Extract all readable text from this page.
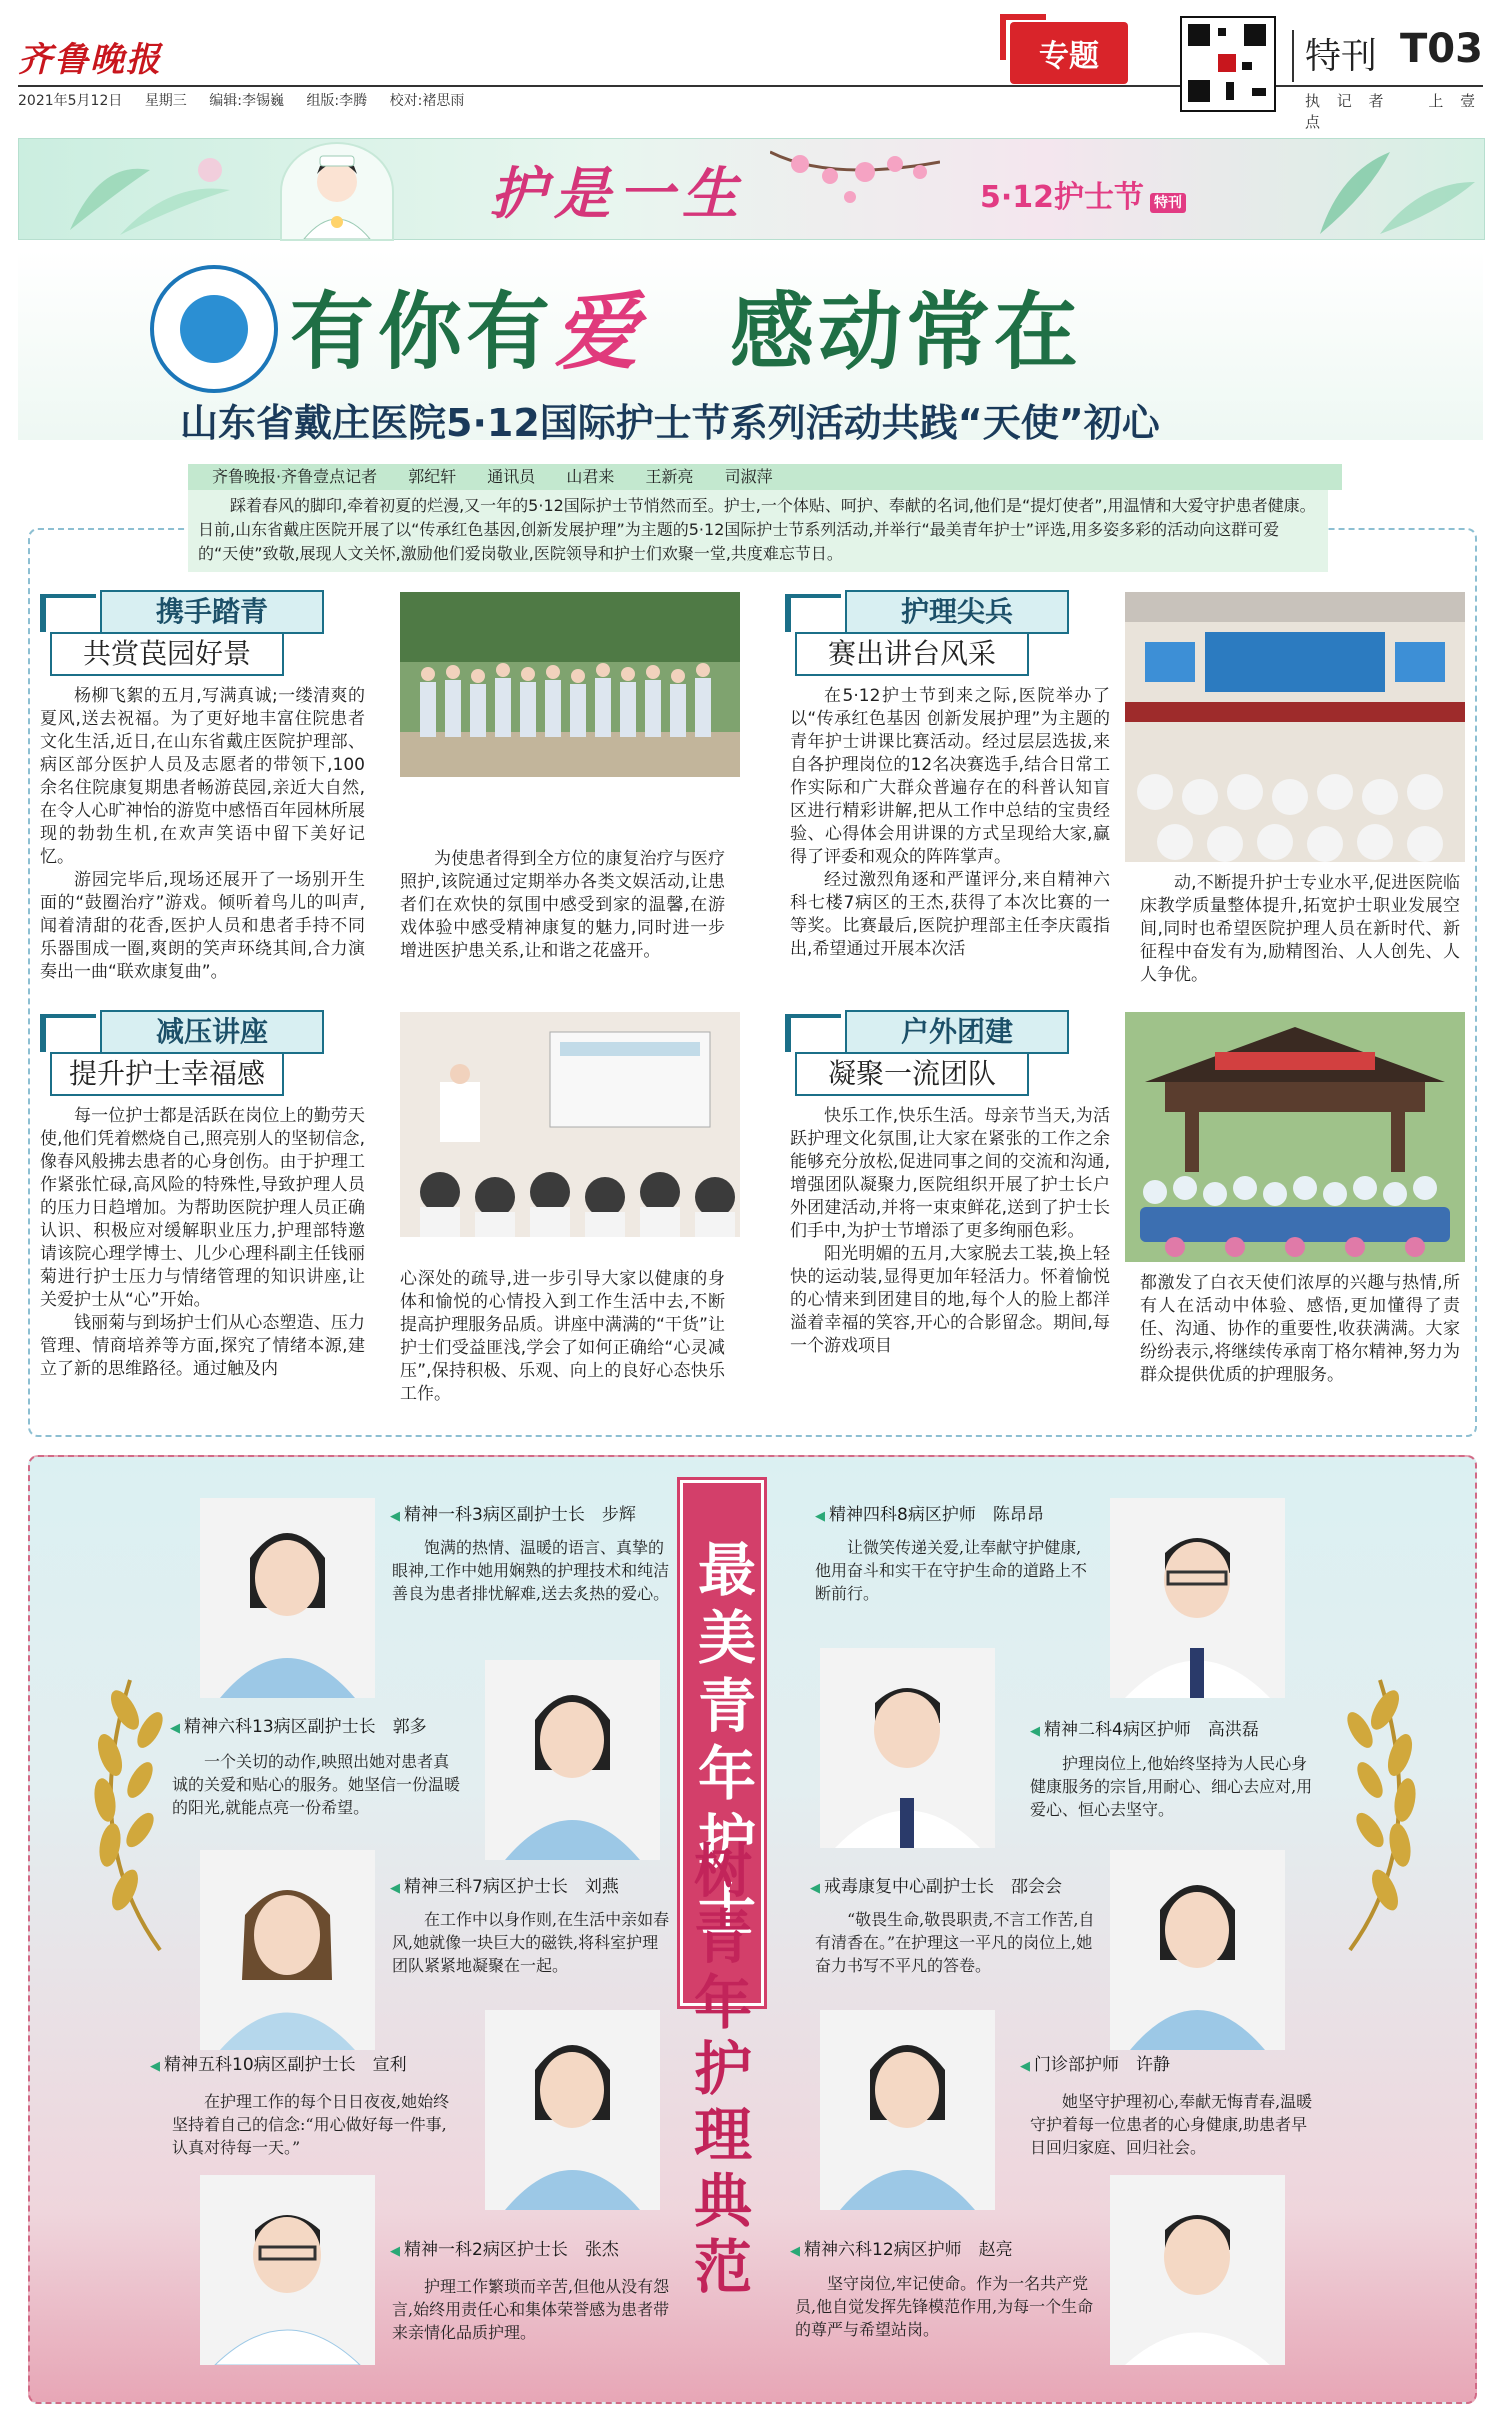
齐鲁晚报
2021年5月12日 星期三 编辑:李锡巍 组版:李腾 校对:褚思雨
专题	特刊 T03
执 记 者	上 壹 点
护是一生	5·12护士节 特刊
有你有爱　 感动常在
山东省戴庄医院5·12国际护士节系列活动共践“天使”初心
齐鲁晚报·齐鲁壹点记者 郭纪轩 通讯员 山君来 王新亮 司淑萍
踩着春风的脚印,牵着初夏的烂漫,又一年的5·12国际护士节悄然而至。护士,一个体贴、呵护、奉献的名词,他们是“提灯使者”,用温情和大爱守护患者健康。日前,山东省戴庄医院开展了以“传承红色基因,创新发展护理”为主题的5·12国际护士节系列活动,并举行“最美青年护士”评选,用多姿多彩的活动向这群可爱的“天使”致敬,展现人文关怀,激励他们爱岗敬业,医院领导和护士们欢聚一堂,共度难忘节日。
携手踏青
共赏苠园好景

杨柳飞絮的五月,写满真诚;一缕清爽的夏风,送去祝福。为了更好地丰富住院患者文化生活,近日,在山东省戴庄医院护理部、病区部分医护人员及志愿者的带领下,100余名住院康复期患者畅游苠园,亲近大自然,在令人心旷神怡的游览中感悟百年园林所展现的勃勃生机,在欢声笑语中留下美好记忆。

游园完毕后,现场还展开了一场别开生面的“鼓圈治疗”游戏。倾听着鸟儿的叫声,闻着清甜的花香,医护人员和患者手持不同乐器围成一圈,爽朗的笑声环绕其间,合力演奏出一曲“联欢康复曲”。

为使患者得到全方位的康复治疗与医疗照护,该院通过定期举办各类文娱活动,让患者们在欢快的氛围中感受到家的温馨,在游戏体验中感受精神康复的魅力,同时进一步增进医护患关系,让和谐之花盛开。

护理尖兵
赛出讲台风采

在5·12护士节到来之际,医院举办了以“传承红色基因 创新发展护理”为主题的青年护士讲课比赛活动。经过层层选拔,来自各护理岗位的12名决赛选手,结合日常工作实际和广大群众普遍存在的科普认知盲区进行精彩讲解,把从工作中总结的宝贵经验、心得体会用讲课的方式呈现给大家,赢得了评委和观众的阵阵掌声。

经过激烈角逐和严谨评分,来自精神六科七楼7病区的王杰,获得了本次比赛的一等奖。比赛最后,医院护理部主任李庆霞指出,希望通过开展本次活

动,不断提升护士专业水平,促进医院临床教学质量整体提升,拓宽护士职业发展空间,同时也希望医院护理人员在新时代、新征程中奋发有为,励精图治、人人创先、人人争优。

减压讲座
提升护士幸福感

每一位护士都是活跃在岗位上的勤劳天使,他们凭着燃烧自己,照亮别人的坚韧信念,像春风般拂去患者的心身创伤。由于护理工作紧张忙碌,高风险的特殊性,导致护理人员的压力日趋增加。为帮助医院护理人员正确认识、积极应对缓解职业压力,护理部特邀请该院心理学博士、儿少心理科副主任钱丽菊进行护士压力与情绪管理的知识讲座,让关爱护士从“心”开始。

钱丽菊与到场护士们从心态塑造、压力管理、情商培养等方面,探究了情绪本源,建立了新的思维路径。通过触及内

心深处的疏导,进一步引导大家以健康的身体和愉悦的心情投入到工作生活中去,不断提高护理服务品质。讲座中满满的“干货”让护士们受益匪浅,学会了如何正确给“心灵减压”,保持积极、乐观、向上的良好心态快乐工作。

户外团建
凝聚一流团队

快乐工作,快乐生活。母亲节当天,为活跃护理文化氛围,让大家在紧张的工作之余能够充分放松,促进同事之间的交流和沟通,增强团队凝聚力,医院组织开展了护士长户外团建活动,并将一束束鲜花,送到了护士长们手中,为护士节增添了更多绚丽色彩。

阳光明媚的五月,大家脱去工装,换上轻快的运动装,显得更加年轻活力。怀着愉悦的心情来到团建目的地,每个人的脸上都洋溢着幸福的笑容,开心的合影留念。期间,每一个游戏项目

都激发了白衣天使们浓厚的兴趣与热情,所有人在活动中体验、感悟,更加懂得了责任、沟通、协作的重要性,收获满满。大家纷纷表示,将继续传承南丁格尔精神,努力为群众提供优质的护理服务。

最美青年护士
树青年护理典范
◀ 精神一科3病区副护士长　步辉
饱满的热情、温暖的语言、真挚的眼神,工作中她用娴熟的护理技术和纯洁善良为患者排忧解难,送去炙热的爱心。
◀ 精神六科13病区副护士长　郭多
一个关切的动作,映照出她对患者真诚的关爱和贴心的服务。她坚信一份温暖的阳光,就能点亮一份希望。
◀ 精神三科7病区护士长　刘燕
在工作中以身作则,在生活中亲如春风,她就像一块巨大的磁铁,将科室护理团队紧紧地凝聚在一起。
◀ 精神五科10病区副护士长　宣利
在护理工作的每个日日夜夜,她始终坚持着自己的信念:“用心做好每一件事,认真对待每一天。”
◀ 精神一科2病区护士长　张杰
护理工作繁琐而辛苦,但他从没有怨言,始终用责任心和集体荣誉感为患者带来亲情化品质护理。
◀ 精神四科8病区护师　陈昂昂
让微笑传递关爱,让奉献守护健康,他用奋斗和实干在守护生命的道路上不断前行。
◀ 精神二科4病区护师　高洪磊
护理岗位上,他始终坚持为人民心身健康服务的宗旨,用耐心、细心去应对,用爱心、恒心去坚守。
◀ 戒毒康复中心副护士长　邵会会
“敬畏生命,敬畏职责,不言工作苦,自有清香在。”在护理这一平凡的岗位上,她奋力书写不平凡的答卷。
◀ 门诊部护师　许静
她坚守护理初心,奉献无悔青春,温暖守护着每一位患者的心身健康,助患者早日回归家庭、回归社会。
◀ 精神六科12病区护师　赵亮
坚守岗位,牢记使命。作为一名共产党员,他自觉发挥先锋模范作用,为每一个生命的尊严与希望站岗。
